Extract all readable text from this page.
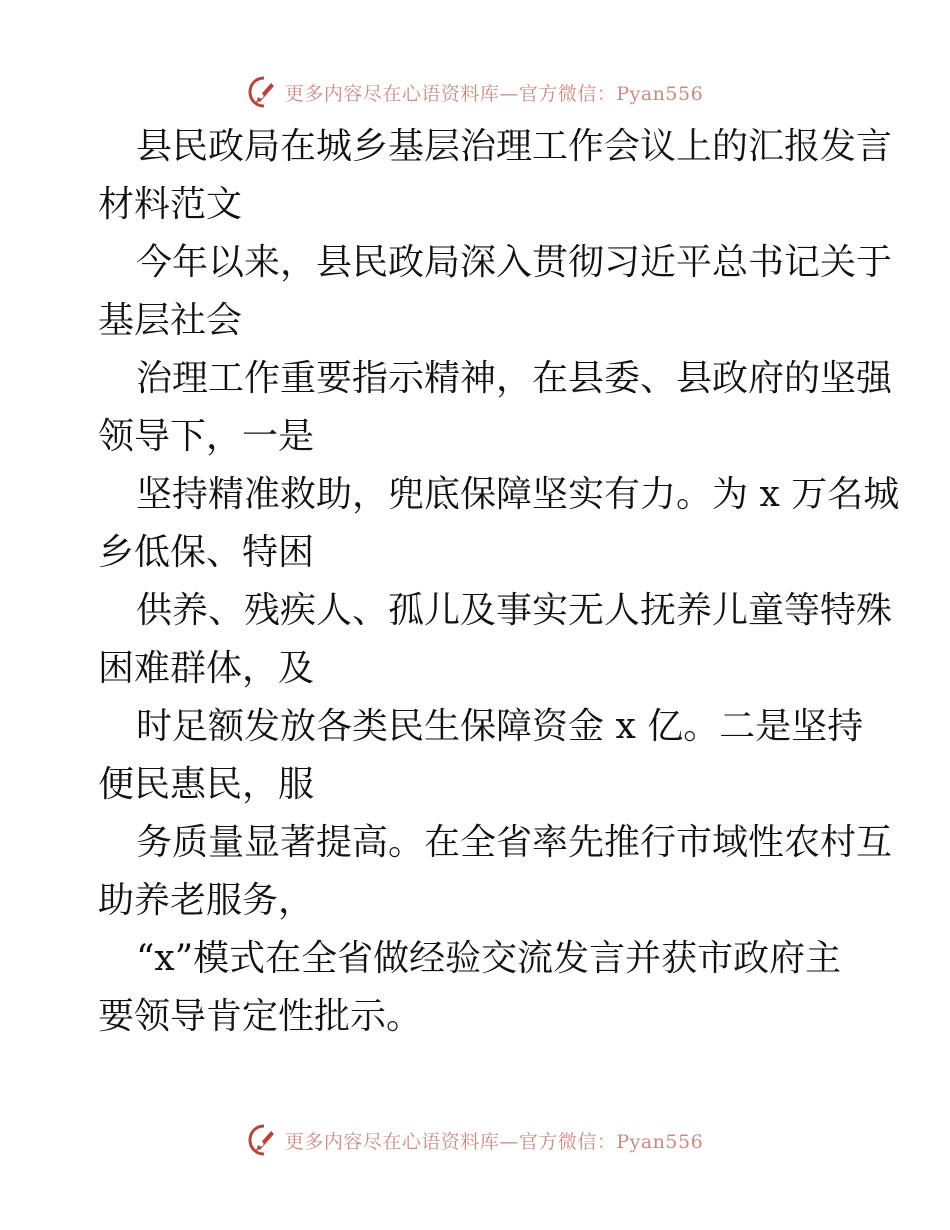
更多内容尽在心语资料库—官方微信：Pyan556

县民政局在城乡基层治理工作会议上的汇报发言
材料范文

今年以来，县民政局深入贯彻习近平总书记关于
基层社会

治理工作重要指示精神，在县委、县政府的坚强
领导下，一是

坚持精准救助，兜底保障坚实有力。为 x 万名城
乡低保、特困

供养、残疾人、孤儿及事实无人抚养儿童等特殊
困难群体，及

时足额发放各类民生保障资金 x 亿。二是坚持
便民惠民，服

务质量显著提高。在全省率先推行市域性农村互
助养老服务，

“x”模式在全省做经验交流发言并获市政府主
要领导肯定性批示。

更多内容尽在心语资料库—官方微信：Pyan556
